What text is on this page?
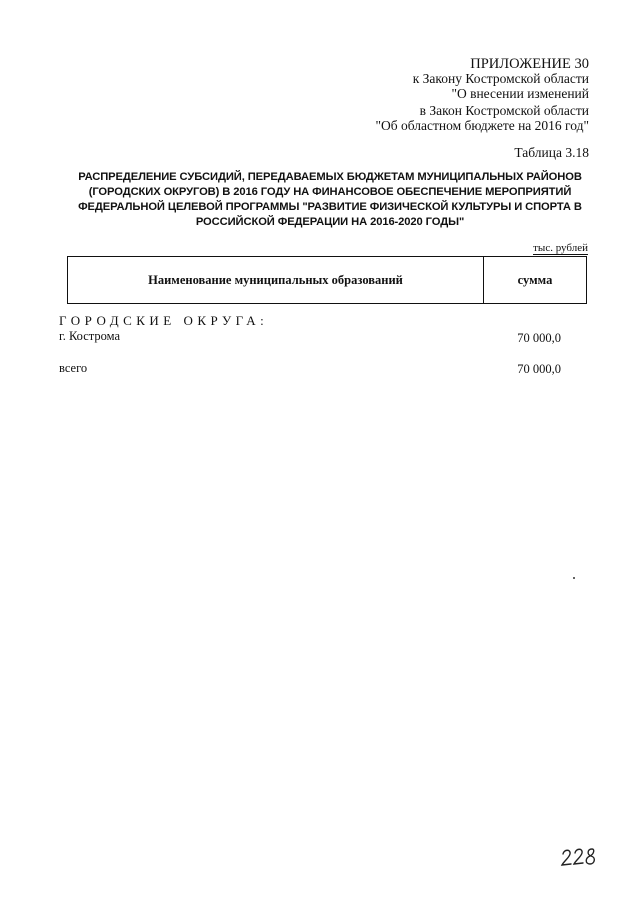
ПРИЛОЖЕНИЕ 30
к Закону Костромской области
"О внесении изменений
в Закон Костромской области
"Об областном бюджете на 2016 год"
Таблица 3.18
РАСПРЕДЕЛЕНИЕ СУБСИДИЙ, ПЕРЕДАВАЕМЫХ БЮДЖЕТАМ МУНИЦИПАЛЬНЫХ РАЙОНОВ (ГОРОДСКИХ ОКРУГОВ) В 2016 ГОДУ НА ФИНАНСОВОЕ ОБЕСПЕЧЕНИЕ МЕРОПРИЯТИЙ ФЕДЕРАЛЬНОЙ ЦЕЛЕВОЙ ПРОГРАММЫ "РАЗВИТИЕ ФИЗИЧЕСКОЙ КУЛЬТУРЫ И СПОРТА В РОССИЙСКОЙ ФЕДЕРАЦИИ НА 2016-2020 ГОДЫ"
тыс. рублей
Наименование муниципальных образований	сумма
ГОРОДСКИЕ ОКРУГА:
г. Кострома	70 000,0
всего	70 000,0
